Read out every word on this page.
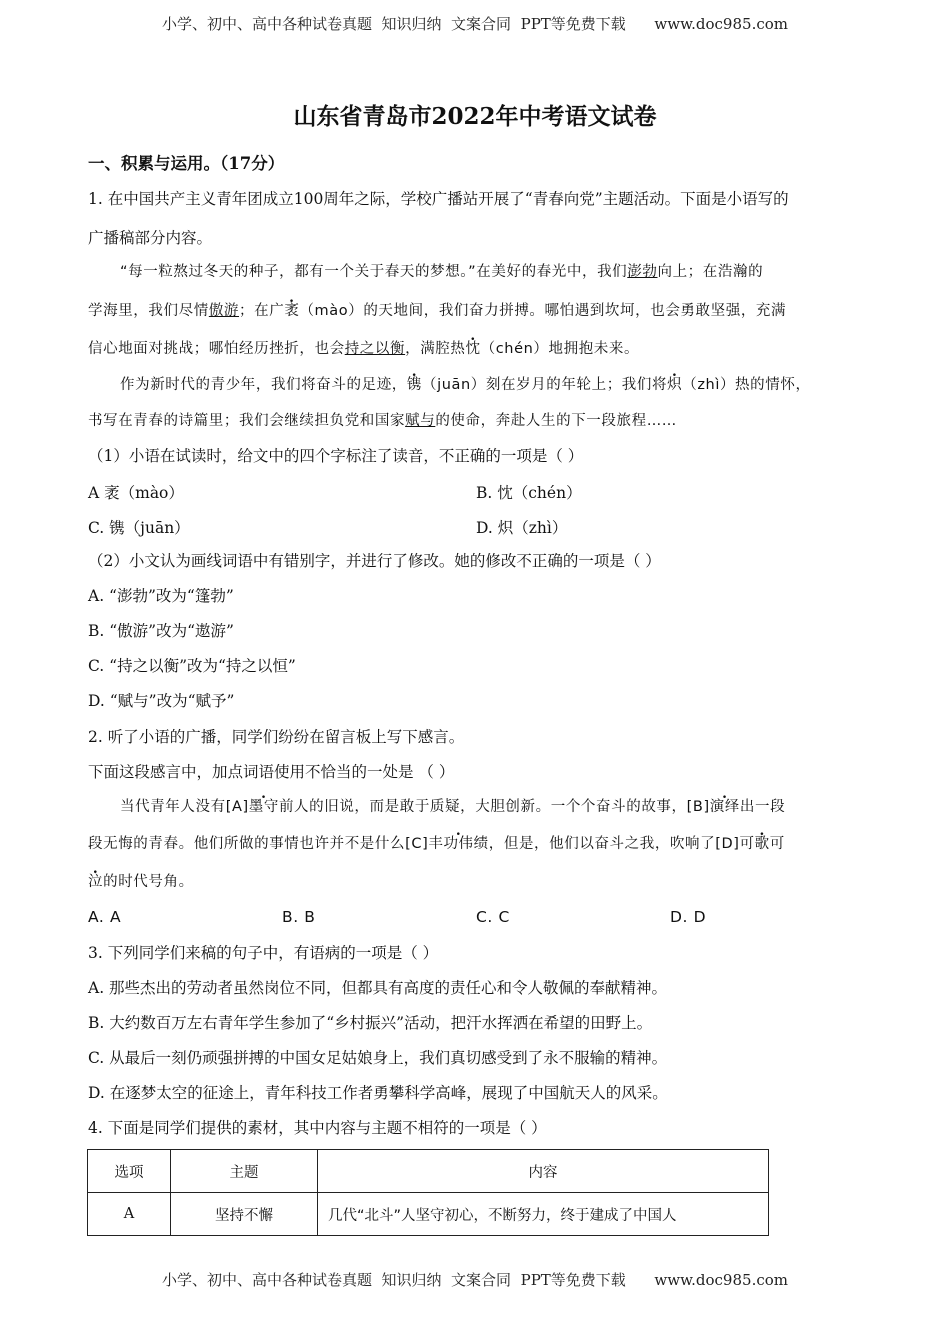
小学、初中、高中各种试卷真题  知识归纳  文案合同  PPT等免费下载      www.doc985.com
山东省青岛市2022年中考语文试卷
一、积累与运用。（17分）
1. 在中国共产主义青年团成立100周年之际，学校广播站开展了“青春向党”主题活动。下面是小语写的
广播稿部分内容。
“每一粒熬过冬天的种子，都有一个关于春天的梦想。”在美好的春光中，我们澎勃向上；在浩瀚的
学海里，我们尽情傲游；在广袤（mào）的天地间，我们奋力拼搏。哪怕遇到坎坷，也会勇敢坚强，充满
信心地面对挑战；哪怕经历挫折，也会持之以衡，满腔热忱（chén）地拥抱未来。
作为新时代的青少年，我们将奋斗的足迹，镌（juān）刻在岁月的年轮上；我们将炽（zhì）热的情怀，
书写在青春的诗篇里；我们会继续担负党和国家赋与的使命，奔赴人生的下一段旅程……
（1）小语在试读时，给文中的四个字标注了读音，不正确的一项是（ ）
A 袤（mào）	B. 忱（chén）
C. 镌（juān）	D. 炽（zhì）
（2）小文认为画线词语中有错别字，并进行了修改。她的修改不正确的一项是（ ）
A. “澎勃”改为“篷勃”
B. “傲游”改为“遨游”
C. “持之以衡”改为“持之以恒”
D. “赋与”改为“赋予”
2. 听了小语的广播，同学们纷纷在留言板上写下感言。
下面这段感言中，加点词语使用不恰当的一处是 （ ）
当代青年人没有[A]墨守前人的旧说，而是敢于质疑，大胆创新。一个个奋斗的故事，[B]演绎出一段
段无悔的青春。他们所做的事情也许并不是什么[C]丰功伟绩，但是，他们以奋斗之我，吹响了[D]可歌可
泣的时代号角。
A. A	B. B	C. C	D. D
3. 下列同学们来稿的句子中，有语病的一项是（ ）
A. 那些杰出的劳动者虽然岗位不同，但都具有高度的责任心和令人敬佩的奉献精神。
B. 大约数百万左右青年学生参加了“乡村振兴”活动，把汗水挥洒在希望的田野上。
C. 从最后一刻仍顽强拼搏的中国女足姑娘身上，我们真切感受到了永不服输的精神。
D. 在逐梦太空的征途上，青年科技工作者勇攀科学高峰，展现了中国航天人的风采。
4. 下面是同学们提供的素材，其中内容与主题不相符的一项是（ ）
选项	主题	内容
A	坚持不懈	几代“北斗”人坚守初心，不断努力，终于建成了中国人
小学、初中、高中各种试卷真题  知识归纳  文案合同  PPT等免费下载      www.doc985.com
